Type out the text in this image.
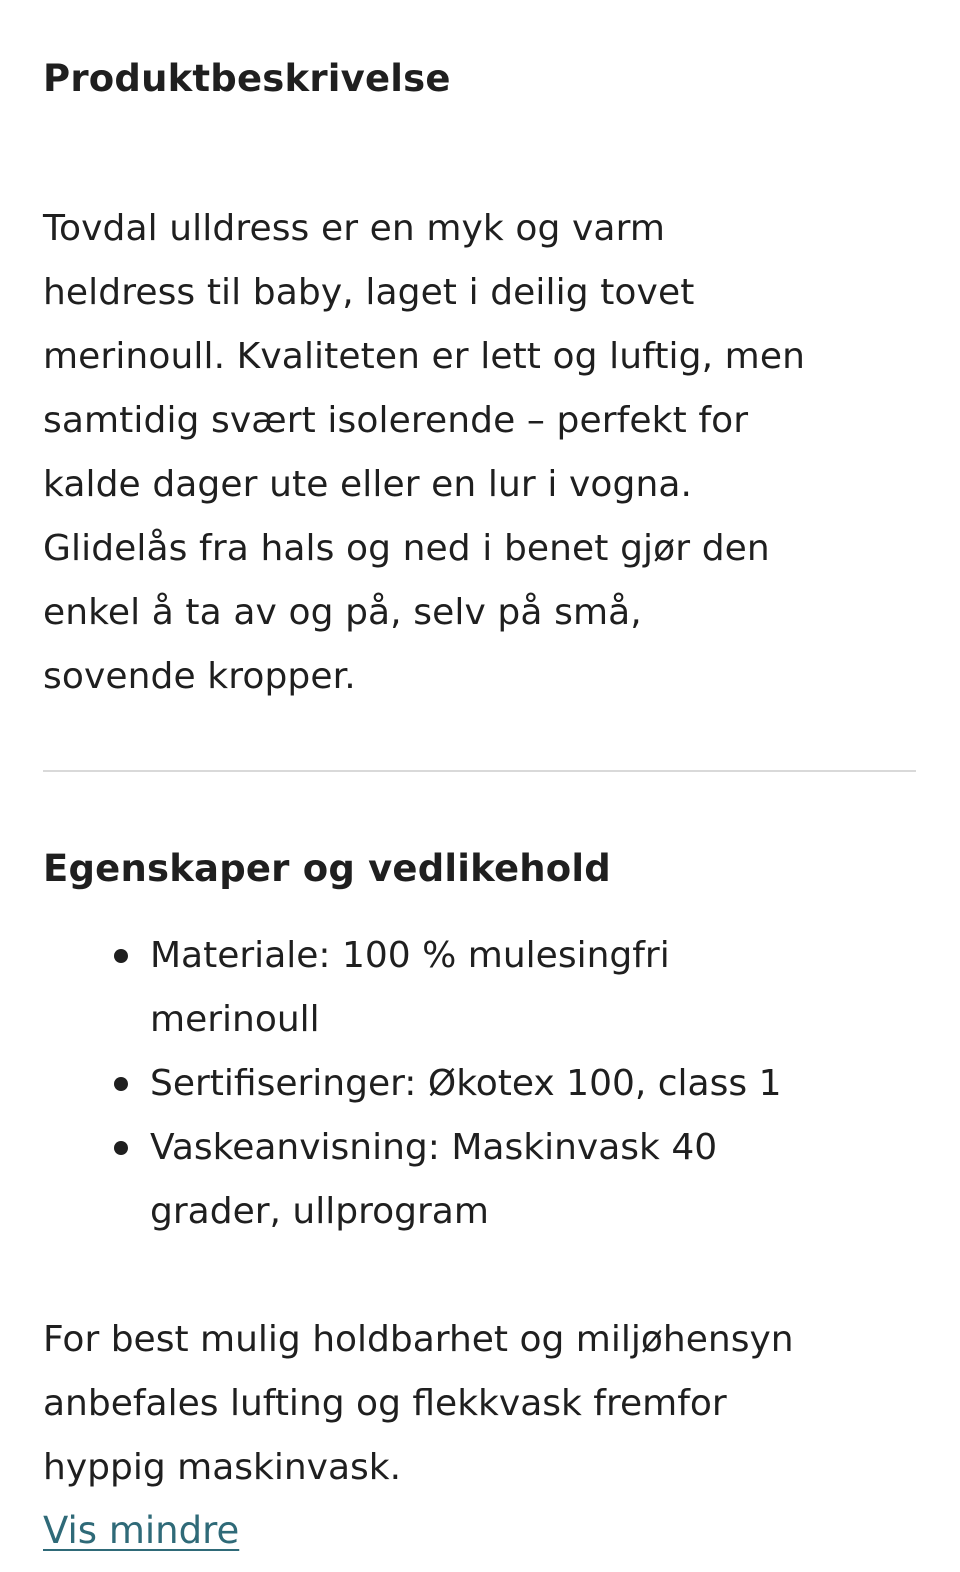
Produktbeskrivelse

Tovdal ulldress er en myk og varm
heldress til baby, laget i deilig tovet
merinoull. Kvaliteten er lett og luftig, men
samtidig svært isolerende – perfekt for
kalde dager ute eller en lur i vogna.
Glidelås fra hals og ned i benet gjør den
enkel å ta av og på, selv på små,
sovende kropper.

Egenskaper og vedlikehold
Materiale: 100 % mulesingfri
merinoull
Sertifiseringer: Økotex 100, class 1
Vaskeanvisning: Maskinvask 40
grader, ullprogram

For best mulig holdbarhet og miljøhensyn
anbefales lufting og flekkvask fremfor
hyppig maskinvask.

Vis mindre
